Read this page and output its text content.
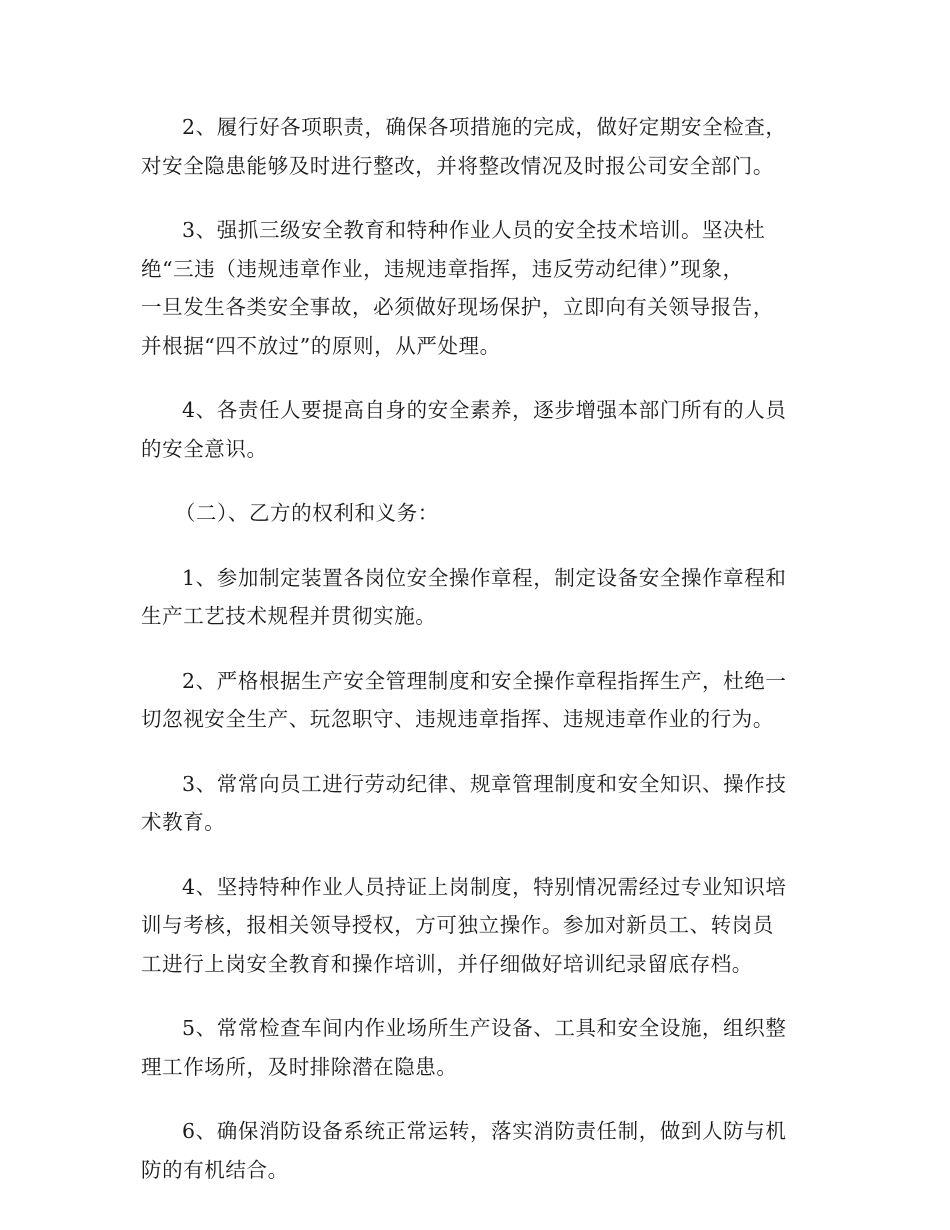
2、履行好各项职责，确保各项措施的完成，做好定期安全检查，
对安全隐患能够及时进行整改，并将整改情况及时报公司安全部门。

3、强抓三级安全教育和特种作业人员的安全技术培训。坚决杜
绝“三违（违规违章作业，违规违章指挥，违反劳动纪律）”现象，
一旦发生各类安全事故，必须做好现场保护，立即向有关领导报告，
并根据“四不放过”的原则，从严处理。

4、各责任人要提高自身的安全素养，逐步增强本部门所有的人员
的安全意识。

（二）、乙方的权利和义务：

1、参加制定装置各岗位安全操作章程，制定设备安全操作章程和
生产工艺技术规程并贯彻实施。

2、严格根据生产安全管理制度和安全操作章程指挥生产，杜绝一
切忽视安全生产、玩忽职守、违规违章指挥、违规违章作业的行为。

3、常常向员工进行劳动纪律、规章管理制度和安全知识、操作技
术教育。

4、坚持特种作业人员持证上岗制度，特别情况需经过专业知识培
训与考核，报相关领导授权，方可独立操作。参加对新员工、转岗员
工进行上岗安全教育和操作培训，并仔细做好培训纪录留底存档。

5、常常检查车间内作业场所生产设备、工具和安全设施，组织整
理工作场所，及时排除潜在隐患。

6、确保消防设备系统正常运转，落实消防责任制，做到人防与机
防的有机结合。
